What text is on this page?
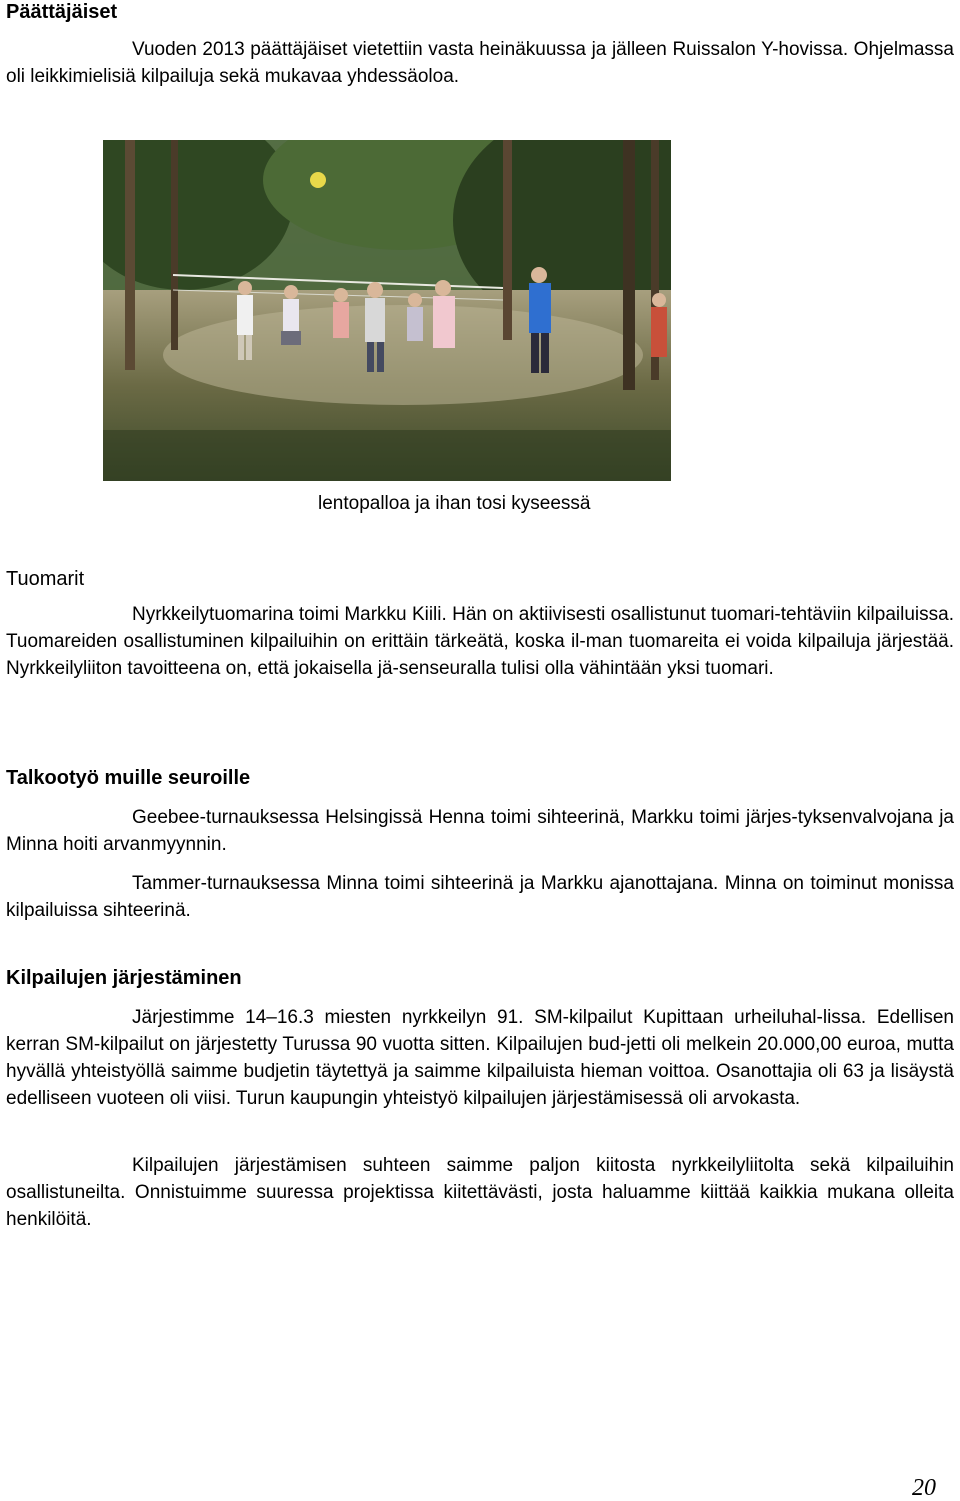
Päättäjäiset

Vuoden 2013 päättäjäiset vietettiin vasta heinäkuussa ja jälleen Ruissalon Y-hovissa. Ohjelmassa oli leikkimielisiä kilpailuja sekä mukavaa yhdessäoloa.

lentopalloa ja ihan tosi kyseessä
Tuomarit

Nyrkkeilytuomarina toimi Markku Kiili. Hän on aktiivisesti osallistunut tuomari-tehtäviin kilpailuissa. Tuomareiden osallistuminen kilpailuihin on erittäin tärkeätä, koska il-man tuomareita ei voida kilpailuja järjestää. Nyrkkeilyliiton tavoitteena on, että jokaisella jä-senseuralla tulisi olla vähintään yksi tuomari.

Talkootyö muille seuroille

Geebee-turnauksessa Helsingissä Henna toimi sihteerinä, Markku toimi järjes-tyksenvalvojana ja Minna hoiti arvanmyynnin.

Tammer-turnauksessa Minna toimi sihteerinä ja Markku ajanottajana. Minna on toiminut monissa kilpailuissa sihteerinä.

Kilpailujen järjestäminen

Järjestimme 14–16.3 miesten nyrkkeilyn 91. SM-kilpailut Kupittaan urheiluhal-lissa. Edellisen kerran SM-kilpailut on järjestetty Turussa 90 vuotta sitten. Kilpailujen bud-jetti oli melkein 20.000,00 euroa, mutta hyvällä yhteistyöllä saimme budjetin täytettyä ja saimme kilpailuista hieman voittoa. Osanottajia oli 63 ja lisäystä edelliseen vuoteen oli viisi. Turun kaupungin yhteistyö kilpailujen järjestämisessä oli arvokasta.

Kilpailujen järjestämisen suhteen saimme paljon kiitosta nyrkkeilyliitolta sekä kilpailuihin osallistuneilta. Onnistuimme suuressa projektissa kiitettävästi, josta haluamme kiittää kaikkia mukana olleita henkilöitä.

20
